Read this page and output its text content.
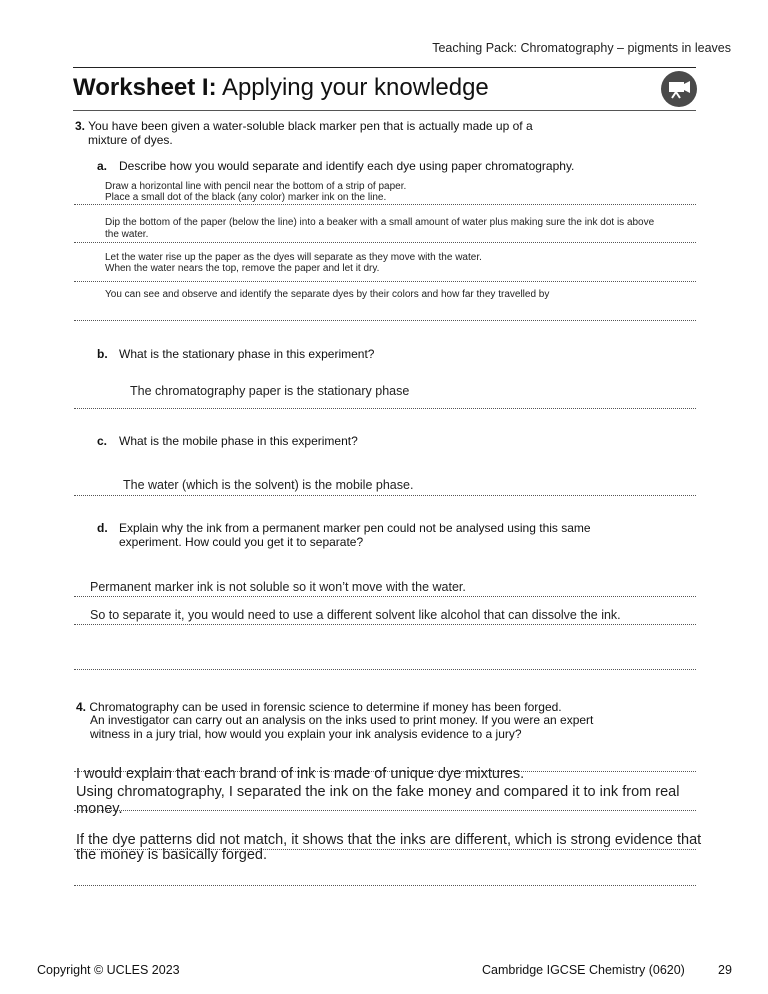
Teaching Pack: Chromatography – pigments in leaves
Worksheet I: Applying your knowledge
3. You have been given a water-soluble black marker pen that is actually made up of a
mixture of dyes.
a. Describe how you would separate and identify each dye using paper chromatography.
Draw a horizontal line with pencil near the bottom of a strip of paper.
Place a small dot of the black (any color) marker ink on the line.
Dip the bottom of the paper (below the line) into a beaker with a small amount of water plus making sure the ink dot is above
the water.
Let the water rise up the paper as the dyes will separate as they move with the water.
When the water nears the top, remove the paper and let it dry.
You can see and observe and identify the separate dyes by their colors and how far they travelled by
b. What is the stationary phase in this experiment?
The chromatography paper is the stationary phase
c. What is the mobile phase in this experiment?
The water (which is the solvent) is the mobile phase.
d. Explain why the ink from a permanent marker pen could not be analysed using this same
experiment. How could you get it to separate?
Permanent marker ink is not soluble so it won’t move with the water.
So to separate it, you would need to use a different solvent like alcohol that can dissolve the ink.
4. Chromatography can be used in forensic science to determine if money has been forged.
An investigator can carry out an analysis on the inks used to print money. If you were an expert
witness in a jury trial, how would you explain your ink analysis evidence to a jury?
I would explain that each brand of ink is made of unique dye mixtures.
Using chromatography, I separated the ink on the fake money and compared it to ink from real
money.
If the dye patterns did not match, it shows that the inks are different, which is strong evidence that
the money is basically forged.
Copyright © UCLES 2023	Cambridge IGCSE Chemistry (0620)	29
